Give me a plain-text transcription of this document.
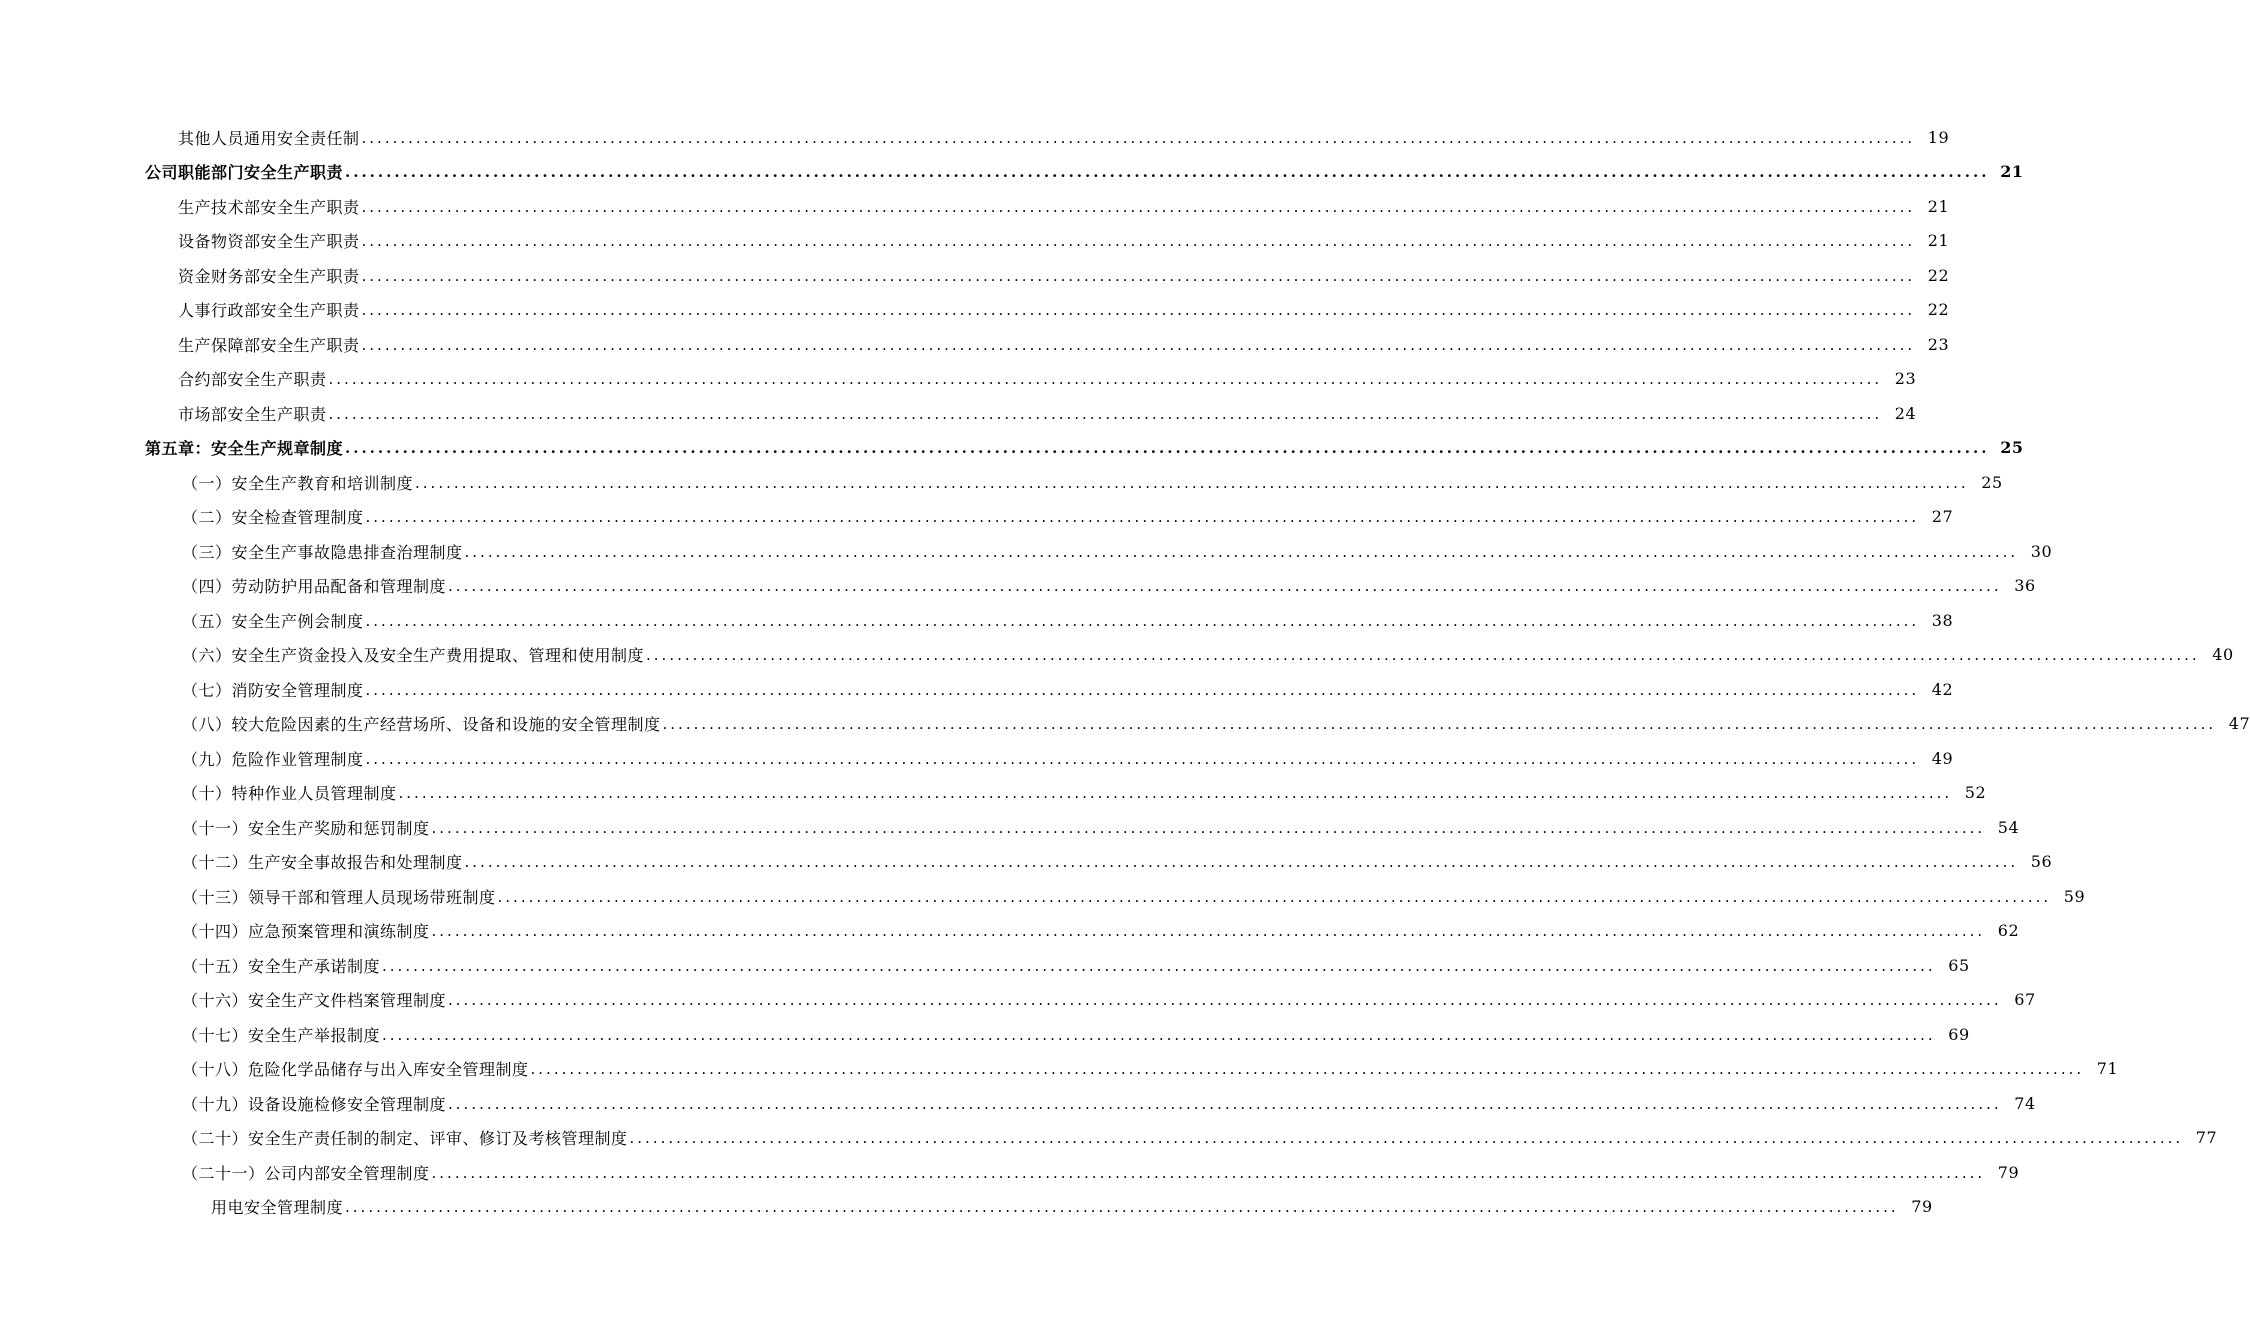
其他人员通用安全责任制 ........................................................................................................................................................................................................ 19
公司职能部门安全生产职责 ........................................................................................................................................................................................................ 21
生产技术部安全生产职责 ........................................................................................................................................................................................................ 21
设备物资部安全生产职责 ........................................................................................................................................................................................................ 21
资金财务部安全生产职责 ........................................................................................................................................................................................................ 22
人事行政部安全生产职责 ........................................................................................................................................................................................................ 22
生产保障部安全生产职责 ........................................................................................................................................................................................................ 23
合约部安全生产职责 ........................................................................................................................................................................................................ 23
市场部安全生产职责 ........................................................................................................................................................................................................ 24
第五章：安全生产规章制度 ........................................................................................................................................................................................................ 25
（一）安全生产教育和培训制度 ........................................................................................................................................................................................................ 25
（二）安全检查管理制度 ........................................................................................................................................................................................................ 27
（三）安全生产事故隐患排查治理制度 ........................................................................................................................................................................................................ 30
（四）劳动防护用品配备和管理制度 ........................................................................................................................................................................................................ 36
（五）安全生产例会制度 ........................................................................................................................................................................................................ 38
（六）安全生产资金投入及安全生产费用提取、管理和使用制度 ........................................................................................................................................................................................................ 40
（七）消防安全管理制度 ........................................................................................................................................................................................................ 42
（八）较大危险因素的生产经营场所、设备和设施的安全管理制度 ........................................................................................................................................................................................................ 47
（九）危险作业管理制度 ........................................................................................................................................................................................................ 49
（十）特种作业人员管理制度 ........................................................................................................................................................................................................ 52
（十一）安全生产奖励和惩罚制度 ........................................................................................................................................................................................................ 54
（十二）生产安全事故报告和处理制度 ........................................................................................................................................................................................................ 56
（十三）领导干部和管理人员现场带班制度 ........................................................................................................................................................................................................ 59
（十四）应急预案管理和演练制度 ........................................................................................................................................................................................................ 62
（十五）安全生产承诺制度 ........................................................................................................................................................................................................ 65
（十六）安全生产文件档案管理制度 ........................................................................................................................................................................................................ 67
（十七）安全生产举报制度 ........................................................................................................................................................................................................ 69
（十八）危险化学品储存与出入库安全管理制度 ........................................................................................................................................................................................................ 71
（十九）设备设施检修安全管理制度 ........................................................................................................................................................................................................ 74
（二十）安全生产责任制的制定、评审、修订及考核管理制度 ........................................................................................................................................................................................................ 77
（二十一）公司内部安全管理制度 ........................................................................................................................................................................................................ 79
用电安全管理制度 ........................................................................................................................................................................................................ 79
